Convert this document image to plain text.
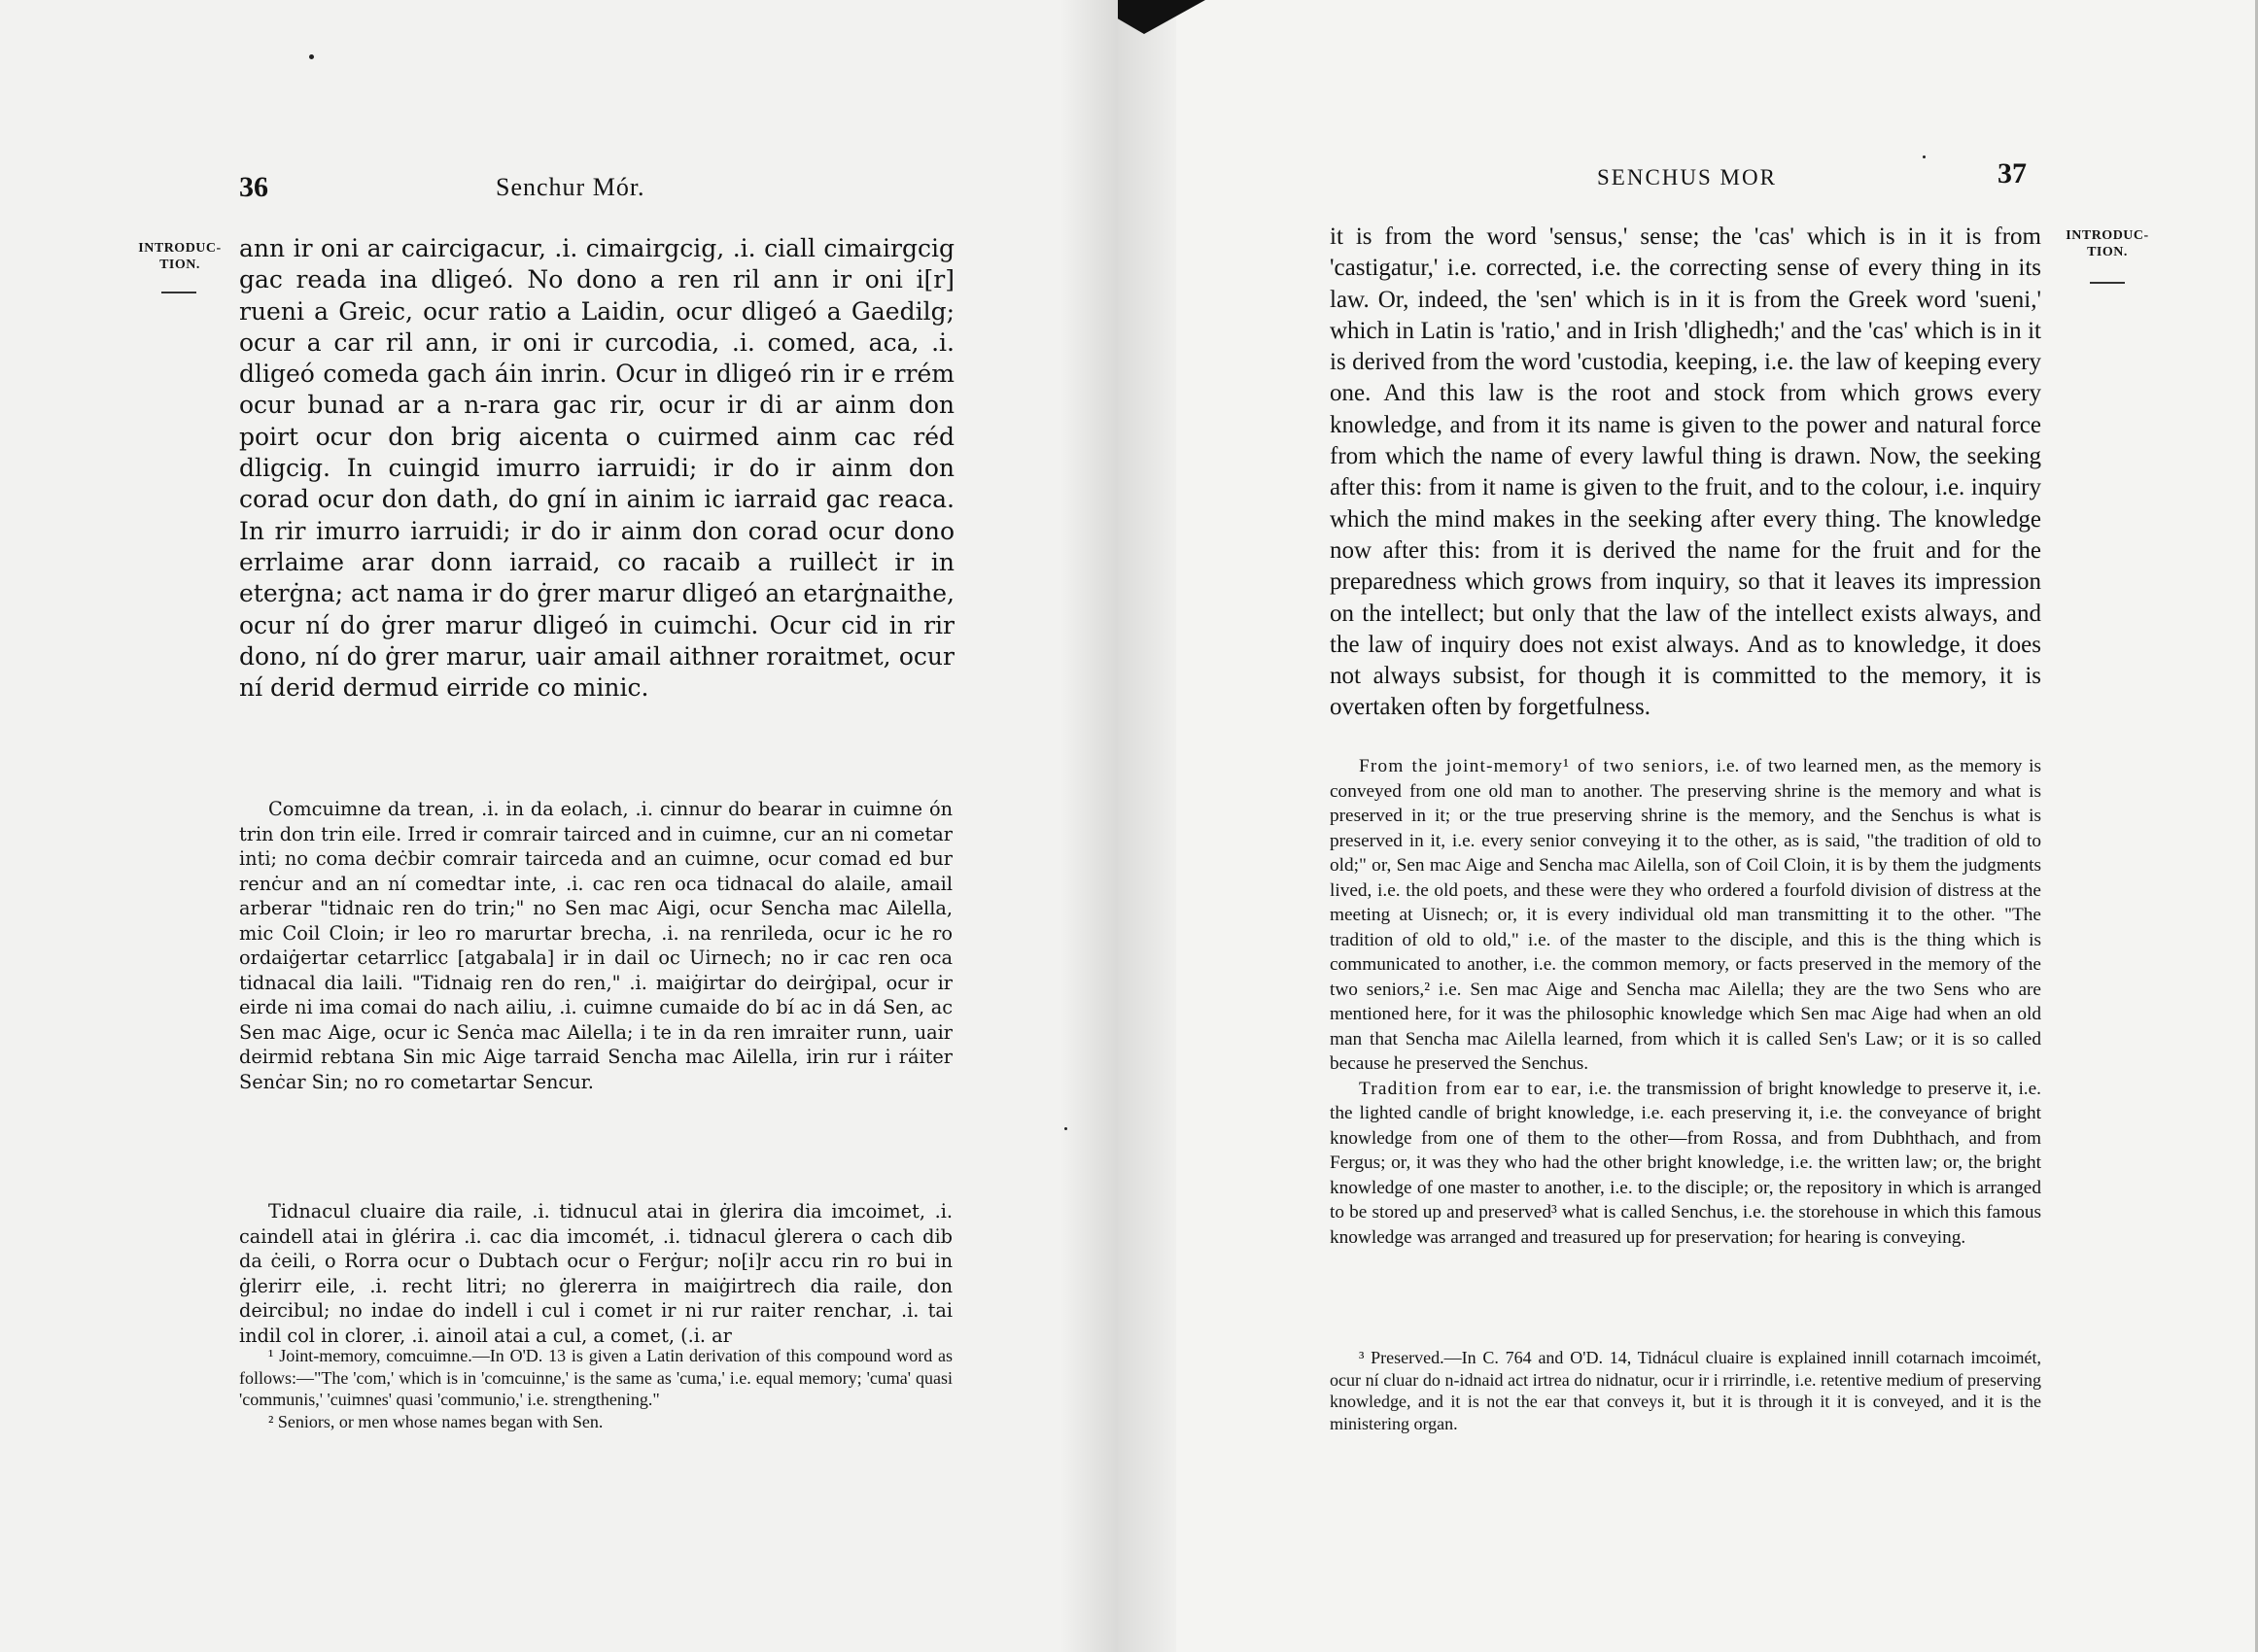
36	Senchur Mór.
INTRODUC-
TION.

ann ir oni ar caircigacur, .i. cimairgcig, .i. ciall cimairgcig gac reada ina dligeó. No dono a ren ril ann ir oni i[r] rueni a Greic, ocur ratio a Laidin, ocur dligeó a Gaedilg; ocur a car ril ann, ir oni ir curcodia, .i. comed, aca, .i. dligeó comeda gach áin inrin. Ocur in dligeó rin ir e rrém ocur bunad ar a n-rara gac rir, ocur ir di ar ainm don poirt ocur don brig aicenta o cuirmed ainm cac réd dligcig. In cuingid imurro iarruidi; ir do ir ainm don corad ocur don dath, do gní in ainim ic iarraid gac reaca. In rir imurro iarruidi; ir do ir ainm don corad ocur dono errlaime arar donn iarraid, co racaib a ruilleċt ir in eterġna; act nama ir do ġrer marur dligeó an etarġnaithe, ocur ní do ġrer marur dligeó in cuimchi. Ocur cid in rir dono, ní do ġrer marur, uair amail aithner roraitmet, ocur ní derid dermud eirride co minic.

Comcuimne da trean, .i. in da eolach, .i. cinnur do bearar in cuimne ón trin don trin eile. Irred ir comrair tairced and in cuimne, cur an ni cometar inti; no coma deċbir comrair tairceda and an cuimne, ocur comad ed bur renċur and an ní comedtar inte, .i. cac ren oca tidnacal do alaile, amail arberar "tidnaic ren do trin;" no Sen mac Aigi, ocur Sencha mac Ailella, mic Coil Cloin; ir leo ro marurtar brecha, .i. na renrileda, ocur ic he ro ordaiġertar cetarrlicc [atgabala] ir in dail oc Uirnech; no ir cac ren oca tidnacal dia laili. "Tidnaig ren do ren," .i. maiġirtar do deirġipal, ocur ir eirde ni ima comai do nach ailiu, .i. cuimne cumaide do bí ac in dá Sen, ac Sen mac Aige, ocur ic Senċa mac Ailella; i te in da ren imraiter runn, uair deirmid rebtana Sin mic Aige tarraid Sencha mac Ailella, irin rur i ráiter Senċar Sin; no ro cometartar Sencur.

Tidnacul cluaire dia raile, .i. tidnucul atai in ġlerira dia imcoimet, .i. caindell atai in ġlérira .i. cac dia imcomét, .i. tidnacul ġlerera o cach dib da ċeili, o Rorra ocur o Dubtach ocur o Ferġur; no[i]r accu rin ro bui in ġlerirr eile, .i. recht litri; no ġlererra in maiġirtrech dia raile, don deircibul; no indae do indell i cul i comet ir ni rur raiter renchar, .i. tai indil col in clorer, .i. ainoil atai a cul, a comet, (.i. ar

¹ Joint-memory, comcuimne.—In O'D. 13 is given a Latin derivation of this compound word as follows:—"The 'com,' which is in 'comcuinne,' is the same as 'cuma,' i.e. equal memory; 'cuma' quasi 'communis,' 'cuimnes' quasi 'communio,' i.e. strengthening."

² Seniors, or men whose names began with Sen.

37
SENCHUS MOR
INTRODUC-
TION.

it is from the word 'sensus,' sense; the 'cas' which is in it is from 'castigatur,' i.e. corrected, i.e. the correcting sense of every thing in its law. Or, indeed, the 'sen' which is in it is from the Greek word 'sueni,' which in Latin is 'ratio,' and in Irish 'dlighedh;' and the 'cas' which is in it is derived from the word 'custodia, keeping, i.e. the law of keeping every one. And this law is the root and stock from which grows every knowledge, and from it its name is given to the power and natural force from which the name of every lawful thing is drawn. Now, the seeking after this: from it name is given to the fruit, and to the colour, i.e. inquiry which the mind makes in the seeking after every thing. The knowledge now after this: from it is derived the name for the fruit and for the preparedness which grows from inquiry, so that it leaves its impression on the intellect; but only that the law of the intellect exists always, and the law of inquiry does not exist always. And as to knowledge, it does not always subsist, for though it is committed to the memory, it is overtaken often by forgetfulness.

From the joint-memory¹ of two seniors, i.e. of two learned men, as the memory is conveyed from one old man to another. The preserving shrine is the memory and what is preserved in it; or the true preserving shrine is the memory, and the Senchus is what is preserved in it, i.e. every senior conveying it to the other, as is said, "the tradition of old to old;" or, Sen mac Aige and Sencha mac Ailella, son of Coil Cloin, it is by them the judgments lived, i.e. the old poets, and these were they who ordered a fourfold division of distress at the meeting at Uisnech; or, it is every individual old man transmitting it to the other. "The tradition of old to old," i.e. of the master to the disciple, and this is the thing which is communicated to another, i.e. the common memory, or facts preserved in the memory of the two seniors,² i.e. Sen mac Aige and Sencha mac Ailella; they are the two Sens who are mentioned here, for it was the philosophic knowledge which Sen mac Aige had when an old man that Sencha mac Ailella learned, from which it is called Sen's Law; or it is so called because he preserved the Senchus.

Tradition from ear to ear, i.e. the transmission of bright knowledge to preserve it, i.e. the lighted candle of bright knowledge, i.e. each preserving it, i.e. the conveyance of bright knowledge from one of them to the other—from Rossa, and from Dubhthach, and from Fergus; or, it was they who had the other bright knowledge, i.e. the written law; or, the bright knowledge of one master to another, i.e. to the disciple; or, the repository in which is arranged to be stored up and preserved³ what is called Senchus, i.e. the storehouse in which this famous knowledge was arranged and treasured up for preservation; for hearing is conveying.

³ Preserved.—In C. 764 and O'D. 14, Tidnácul cluaire is explained innill cotarnach imcoimét, ocur ní cluar do n-idnaid act irtrea do nidnatur, ocur ir i rrirrindle, i.e. retentive medium of preserving knowledge, and it is not the ear that conveys it, but it is through it it is conveyed, and it is the ministering organ.
